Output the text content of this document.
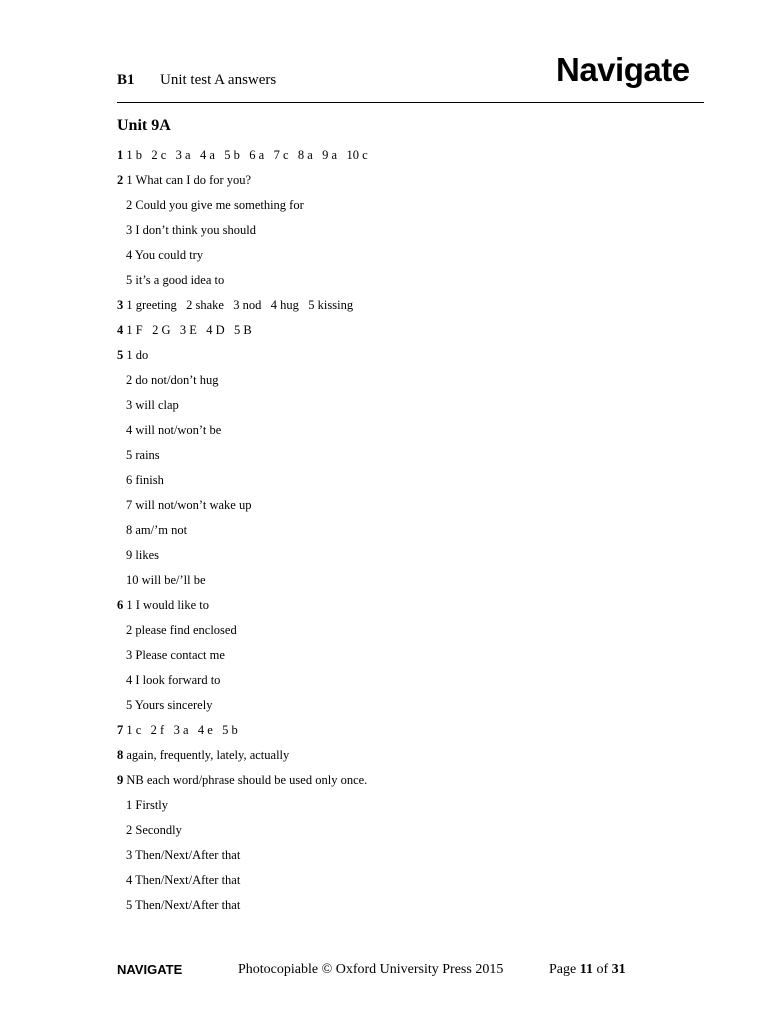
B1 Unit test A answers	Navigate
Unit 9A
1 1 b   2 c   3 a   4 a   5 b   6 a   7 c   8 a   9 a   10 c
2 1 What can I do for you?
2 Could you give me something for
3 I don’t think you should
4 You could try
5 it’s a good idea to
3 1 greeting   2 shake   3 nod   4 hug   5 kissing
4 1 F   2 G   3 E   4 D   5 B
5 1 do
2 do not/don’t hug
3 will clap
4 will not/won’t be
5 rains
6 finish
7 will not/won’t wake up
8 am/’m not
9 likes
10 will be/’ll be
6 1 I would like to
2 please find enclosed
3 Please contact me
4 I look forward to
5 Yours sincerely
7 1 c   2 f   3 a   4 e   5 b
8 again, frequently, lately, actually
9 NB each word/phrase should be used only once.
1 Firstly
2 Secondly
3 Then/Next/After that
4 Then/Next/After that
5 Then/Next/After that
NAVIGATE	Photocopiable © Oxford University Press 2015	Page 11 of 31
